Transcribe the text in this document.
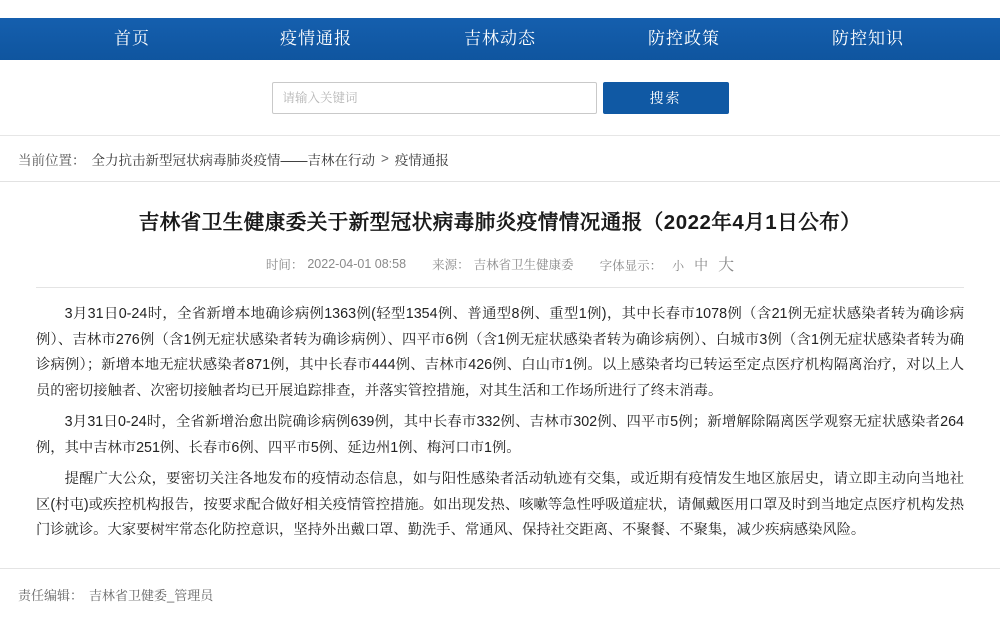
首页	疫情通报	吉林动态	防控政策	防控知识
请输入关键词
搜索
当前位置： 全力抗击新型冠状病毒肺炎疫情——吉林在行动 > 疫情通报
吉林省卫生健康委关于新型冠状病毒肺炎疫情情况通报（2022年4月1日公布）
时间： 2022-04-01 08:58 来源： 吉林省卫生健康委 字体显示： 小 中 大

3月31日0-24时，全省新增本地确诊病例1363例(轻型1354例、普通型8例、重型1例)，其中长春市1078例（含21例无症状感染者转为确诊病例）、吉林市276例（含1例无症状感染者转为确诊病例）、四平市6例（含1例无症状感染者转为确诊病例）、白城市3例（含1例无症状感染者转为确诊病例）；新增本地无症状感染者871例，其中长春市444例、吉林市426例、白山市1例。以上感染者均已转运至定点医疗机构隔离治疗，对以上人员的密切接触者、次密切接触者均已开展追踪排查，并落实管控措施，对其生活和工作场所进行了终末消毒。

3月31日0-24时，全省新增治愈出院确诊病例639例，其中长春市332例、吉林市302例、四平市5例；新增解除隔离医学观察无症状感染者264例，其中吉林市251例、长春市6例、四平市5例、延边州1例、梅河口市1例。

提醒广大公众，要密切关注各地发布的疫情动态信息，如与阳性感染者活动轨迹有交集，或近期有疫情发生地区旅居史，请立即主动向当地社区(村屯)或疾控机构报告，按要求配合做好相关疫情管控措施。如出现发热、咳嗽等急性呼吸道症状，请佩戴医用口罩及时到当地定点医疗机构发热门诊就诊。大家要树牢常态化防控意识，坚持外出戴口罩、勤洗手、常通风、保持社交距离、不聚餐、不聚集，减少疾病感染风险。

责任编辑： 吉林省卫健委_管理员
